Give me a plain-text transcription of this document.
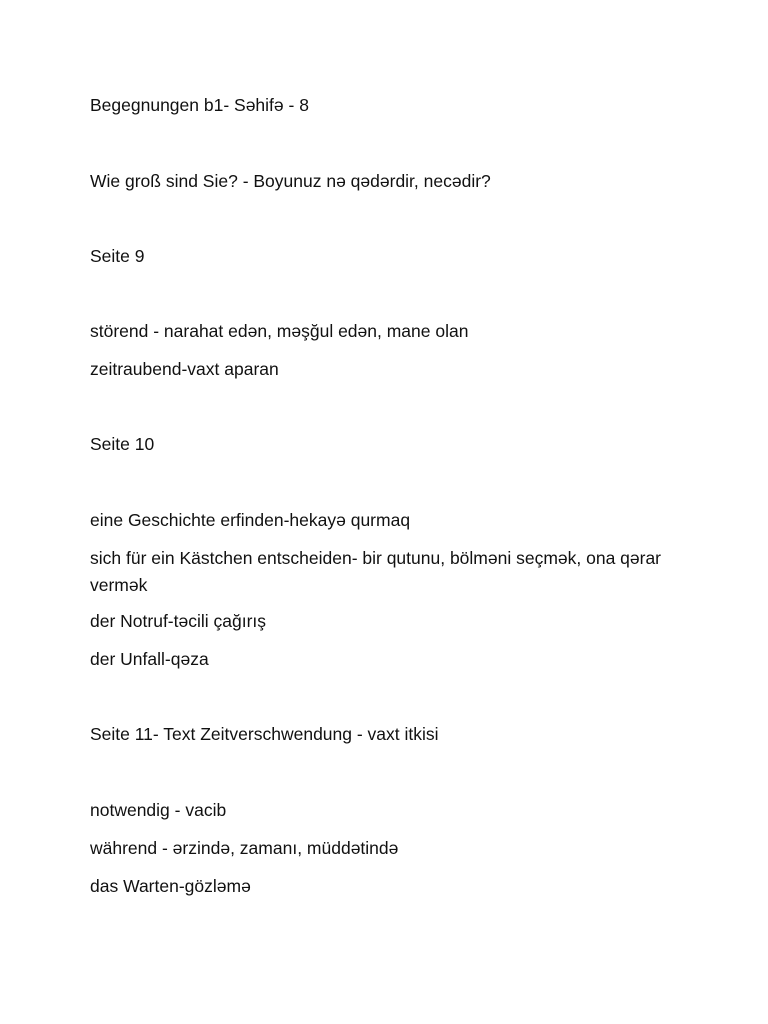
Begegnungen b1- Səhifə - 8
Wie groß sind Sie? - Boyunuz nə qədərdir, necədir?
Seite 9
störend - narahat edən, məşğul edən, mane olan
zeitraubend-vaxt aparan
Seite 10
eine Geschichte erfinden-hekayə qurmaq
sich für ein Kästchen entscheiden- bir qutunu, bölməni seçmək, ona qərar vermək
der Notruf-təcili çağırış
der Unfall-qəza
Seite 11- Text Zeitverschwendung - vaxt itkisi
notwendig - vacib
während - ərzində, zamanı, müddətində
das Warten-gözləmə
